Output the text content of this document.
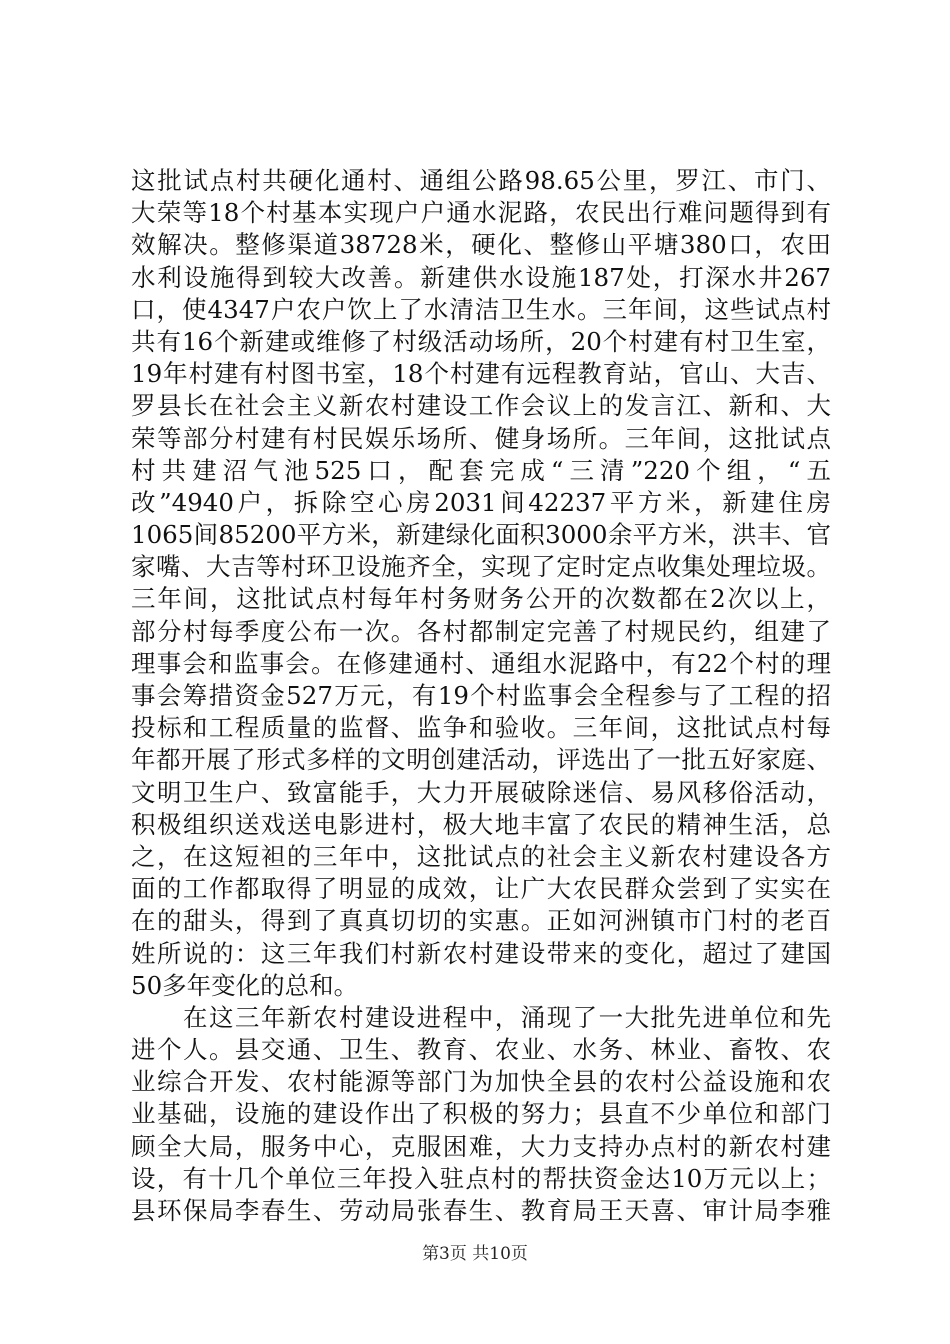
这批试点村共硬化通村、通组公路98.65公里，罗江、市门、
大荣等18个村基本实现户户通水泥路，农民出行难问题得到有
效解决。整修渠道38728米，硬化、整修山平塘380口，农田
水利设施得到较大改善。新建供水设施187处，打深水井267
口，使4347户农户饮上了水清洁卫生水。三年间，这些试点村
共有16个新建或维修了村级活动场所，20个村建有村卫生室，
19年村建有村图书室，18个村建有远程教育站，官山、大吉、
罗县长在社会主义新农村建设工作会议上的发言江、新和、大
荣等部分村建有村民娱乐场所、健身场所。三年间，这批试点
村共建沼气池525口，配套完成“三清”220个组，“五
改”4940户，拆除空心房2031间42237平方米，新建住房
1065间85200平方米，新建绿化面积3000余平方米，洪丰、官
家嘴、大吉等村环卫设施齐全，实现了定时定点收集处理垃圾。
三年间，这批试点村每年村务财务公开的次数都在2次以上，
部分村每季度公布一次。各村都制定完善了村规民约，组建了
理事会和监事会。在修建通村、通组水泥路中，有22个村的理
事会筹措资金527万元，有19个村监事会全程参与了工程的招
投标和工程质量的监督、监争和验收。三年间，这批试点村每
年都开展了形式多样的文明创建活动，评选出了一批五好家庭、
文明卫生户、致富能手，大力开展破除迷信、易风移俗活动，
积极组织送戏送电影进村，极大地丰富了农民的精神生活，总
之，在这短袒的三年中，这批试点的社会主义新农村建设各方
面的工作都取得了明显的成效，让广大农民群众尝到了实实在
在的甜头，得到了真真切切的实惠。正如河洲镇市门村的老百
姓所说的：这三年我们村新农村建设带来的变化，超过了建国
50多年变化的总和。
　　在这三年新农村建设进程中，涌现了一大批先进单位和先
进个人。县交通、卫生、教育、农业、水务、林业、畜牧、农
业综合开发、农村能源等部门为加快全县的农村公益设施和农
业基础，设施的建设作出了积极的努力；县直不少单位和部门
顾全大局，服务中心，克服困难，大力支持办点村的新农村建
设，有十几个单位三年投入驻点村的帮扶资金达10万元以上；
县环保局李春生、劳动局张春生、教育局王天喜、审计局李雅
第3页 共10页
